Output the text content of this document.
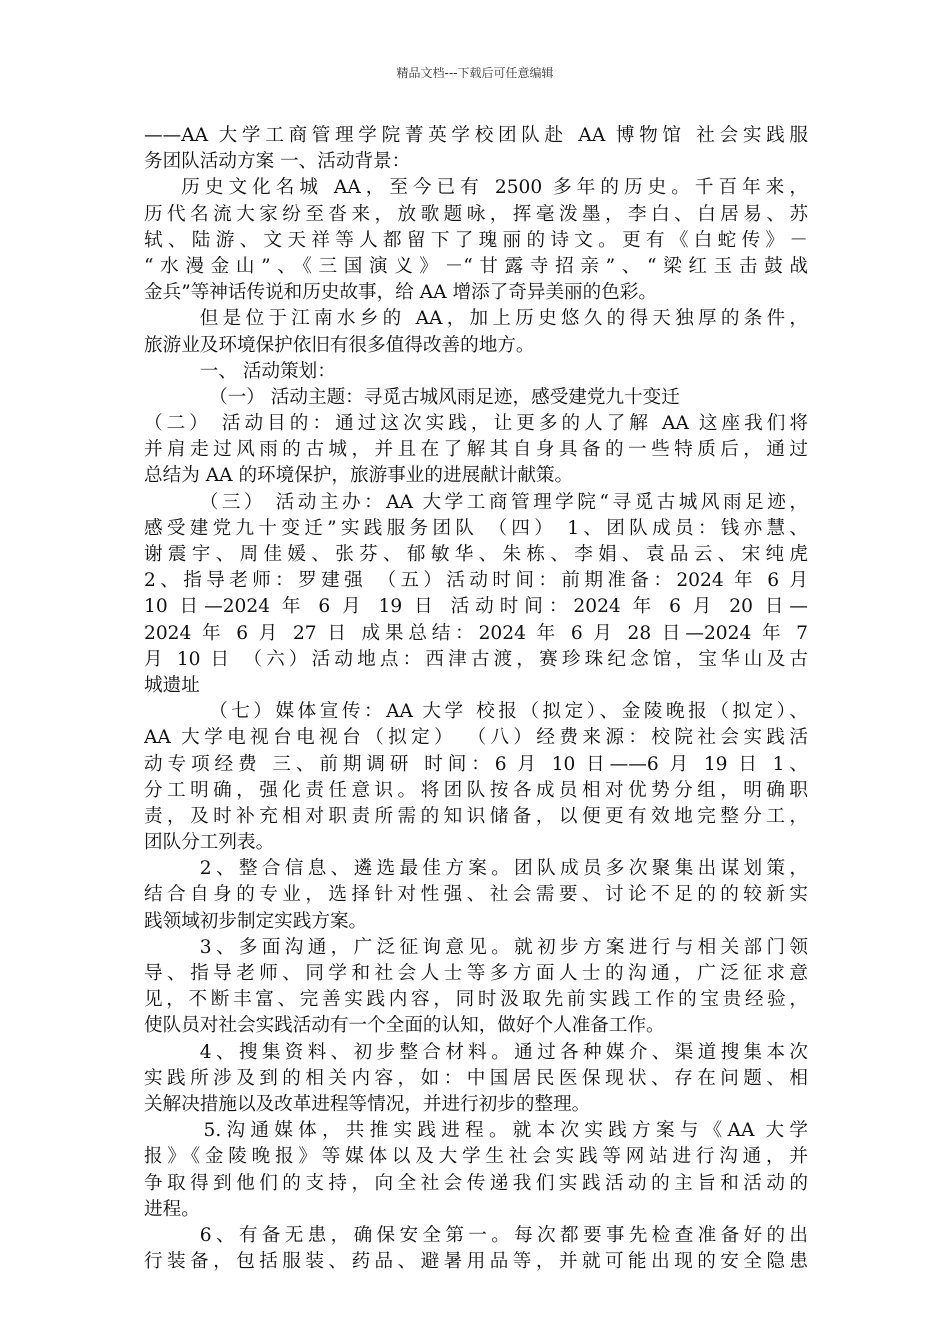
精品文档---下载后可任意编辑
——AA 大学工商管理学院菁英学校团队赴 AA 博物馆 社会实践服
务团队活动方案 一、活动背景：
历史文化名城 AA，至今已有 2500 多年的历史。千百年来，
历代名流大家纷至沓来，放歌题咏，挥毫泼墨，李白、白居易、苏
轼、陆游、文天祥等人都留下了瑰丽的诗文。更有《白蛇传》－
“水漫金山”、《三国演义》－“甘露寺招亲”、“梁红玉击鼓战
金兵”等神话传说和历史故事，给 AA 增添了奇异美丽的色彩。
但是位于江南水乡的 AA，加上历史悠久的得天独厚的条件，
旅游业及环境保护依旧有很多值得改善的地方。
一、 活动策划：
（一） 活动主题：寻觅古城风雨足迹，感受建党九十变迁
（二） 活动目的：通过这次实践，让更多的人了解 AA 这座我们将
并肩走过风雨的古城，并且在了解其自身具备的一些特质后，通过
总结为 AA 的环境保护，旅游事业的进展献计献策。
（三） 活动主办：AA 大学工商管理学院“寻觅古城风雨足迹，
感受建党九十变迁”实践服务团队 （四） 1、团队成员：钱亦慧、
谢震宇、周佳媛、张芬、郁敏华、朱栋、李娟、袁品云、宋纯虎
2、指导老师：罗建强 （五）活动时间：前期准备：2024 年 6 月
10 日—2024 年 6 月 19 日 活动时间：2024 年 6 月 20 日—
2024 年 6 月 27 日 成果总结：2024 年 6 月 28 日—2024 年 7
月 10 日 （六）活动地点：西津古渡，赛珍珠纪念馆，宝华山及古
城遗址
（七）媒体宣传：AA 大学 校报（拟定）、金陵晚报（拟定）、
AA 大学电视台电视台（拟定） （八）经费来源：校院社会实践活
动专项经费 三、前期调研 时间：6 月 10 日——6 月 19 日 1、
分工明确，强化责任意识。将团队按各成员相对优势分组，明确职
责，及时补充相对职责所需的知识储备，以便更有效地完整分工，
团队分工列表。
2、整合信息、遴选最佳方案。团队成员多次聚集出谋划策，
结合自身的专业，选择针对性强、社会需要、讨论不足的的较新实
践领域初步制定实践方案。
3、多面沟通，广泛征询意见。就初步方案进行与相关部门领
导、指导老师、同学和社会人士等多方面人士的沟通，广泛征求意
见，不断丰富、完善实践内容，同时汲取先前实践工作的宝贵经验，
使队员对社会实践活动有一个全面的认知，做好个人准备工作。
4、搜集资料、初步整合材料。通过各种媒介、渠道搜集本次
实践所涉及到的相关内容，如：中国居民医保现状、存在问题、相
关解决措施以及改革进程等情况，并进行初步的整理。
5.沟通媒体，共推实践进程。就本次实践方案与《AA 大学
报》《金陵晚报》等媒体以及大学生社会实践等网站进行沟通，并
争取得到他们的支持，向全社会传递我们实践活动的主旨和活动的
进程。
6、有备无患，确保安全第一。每次都要事先检查准备好的出
行装备，包括服装、药品、避暑用品等，并就可能出现的安全隐患
